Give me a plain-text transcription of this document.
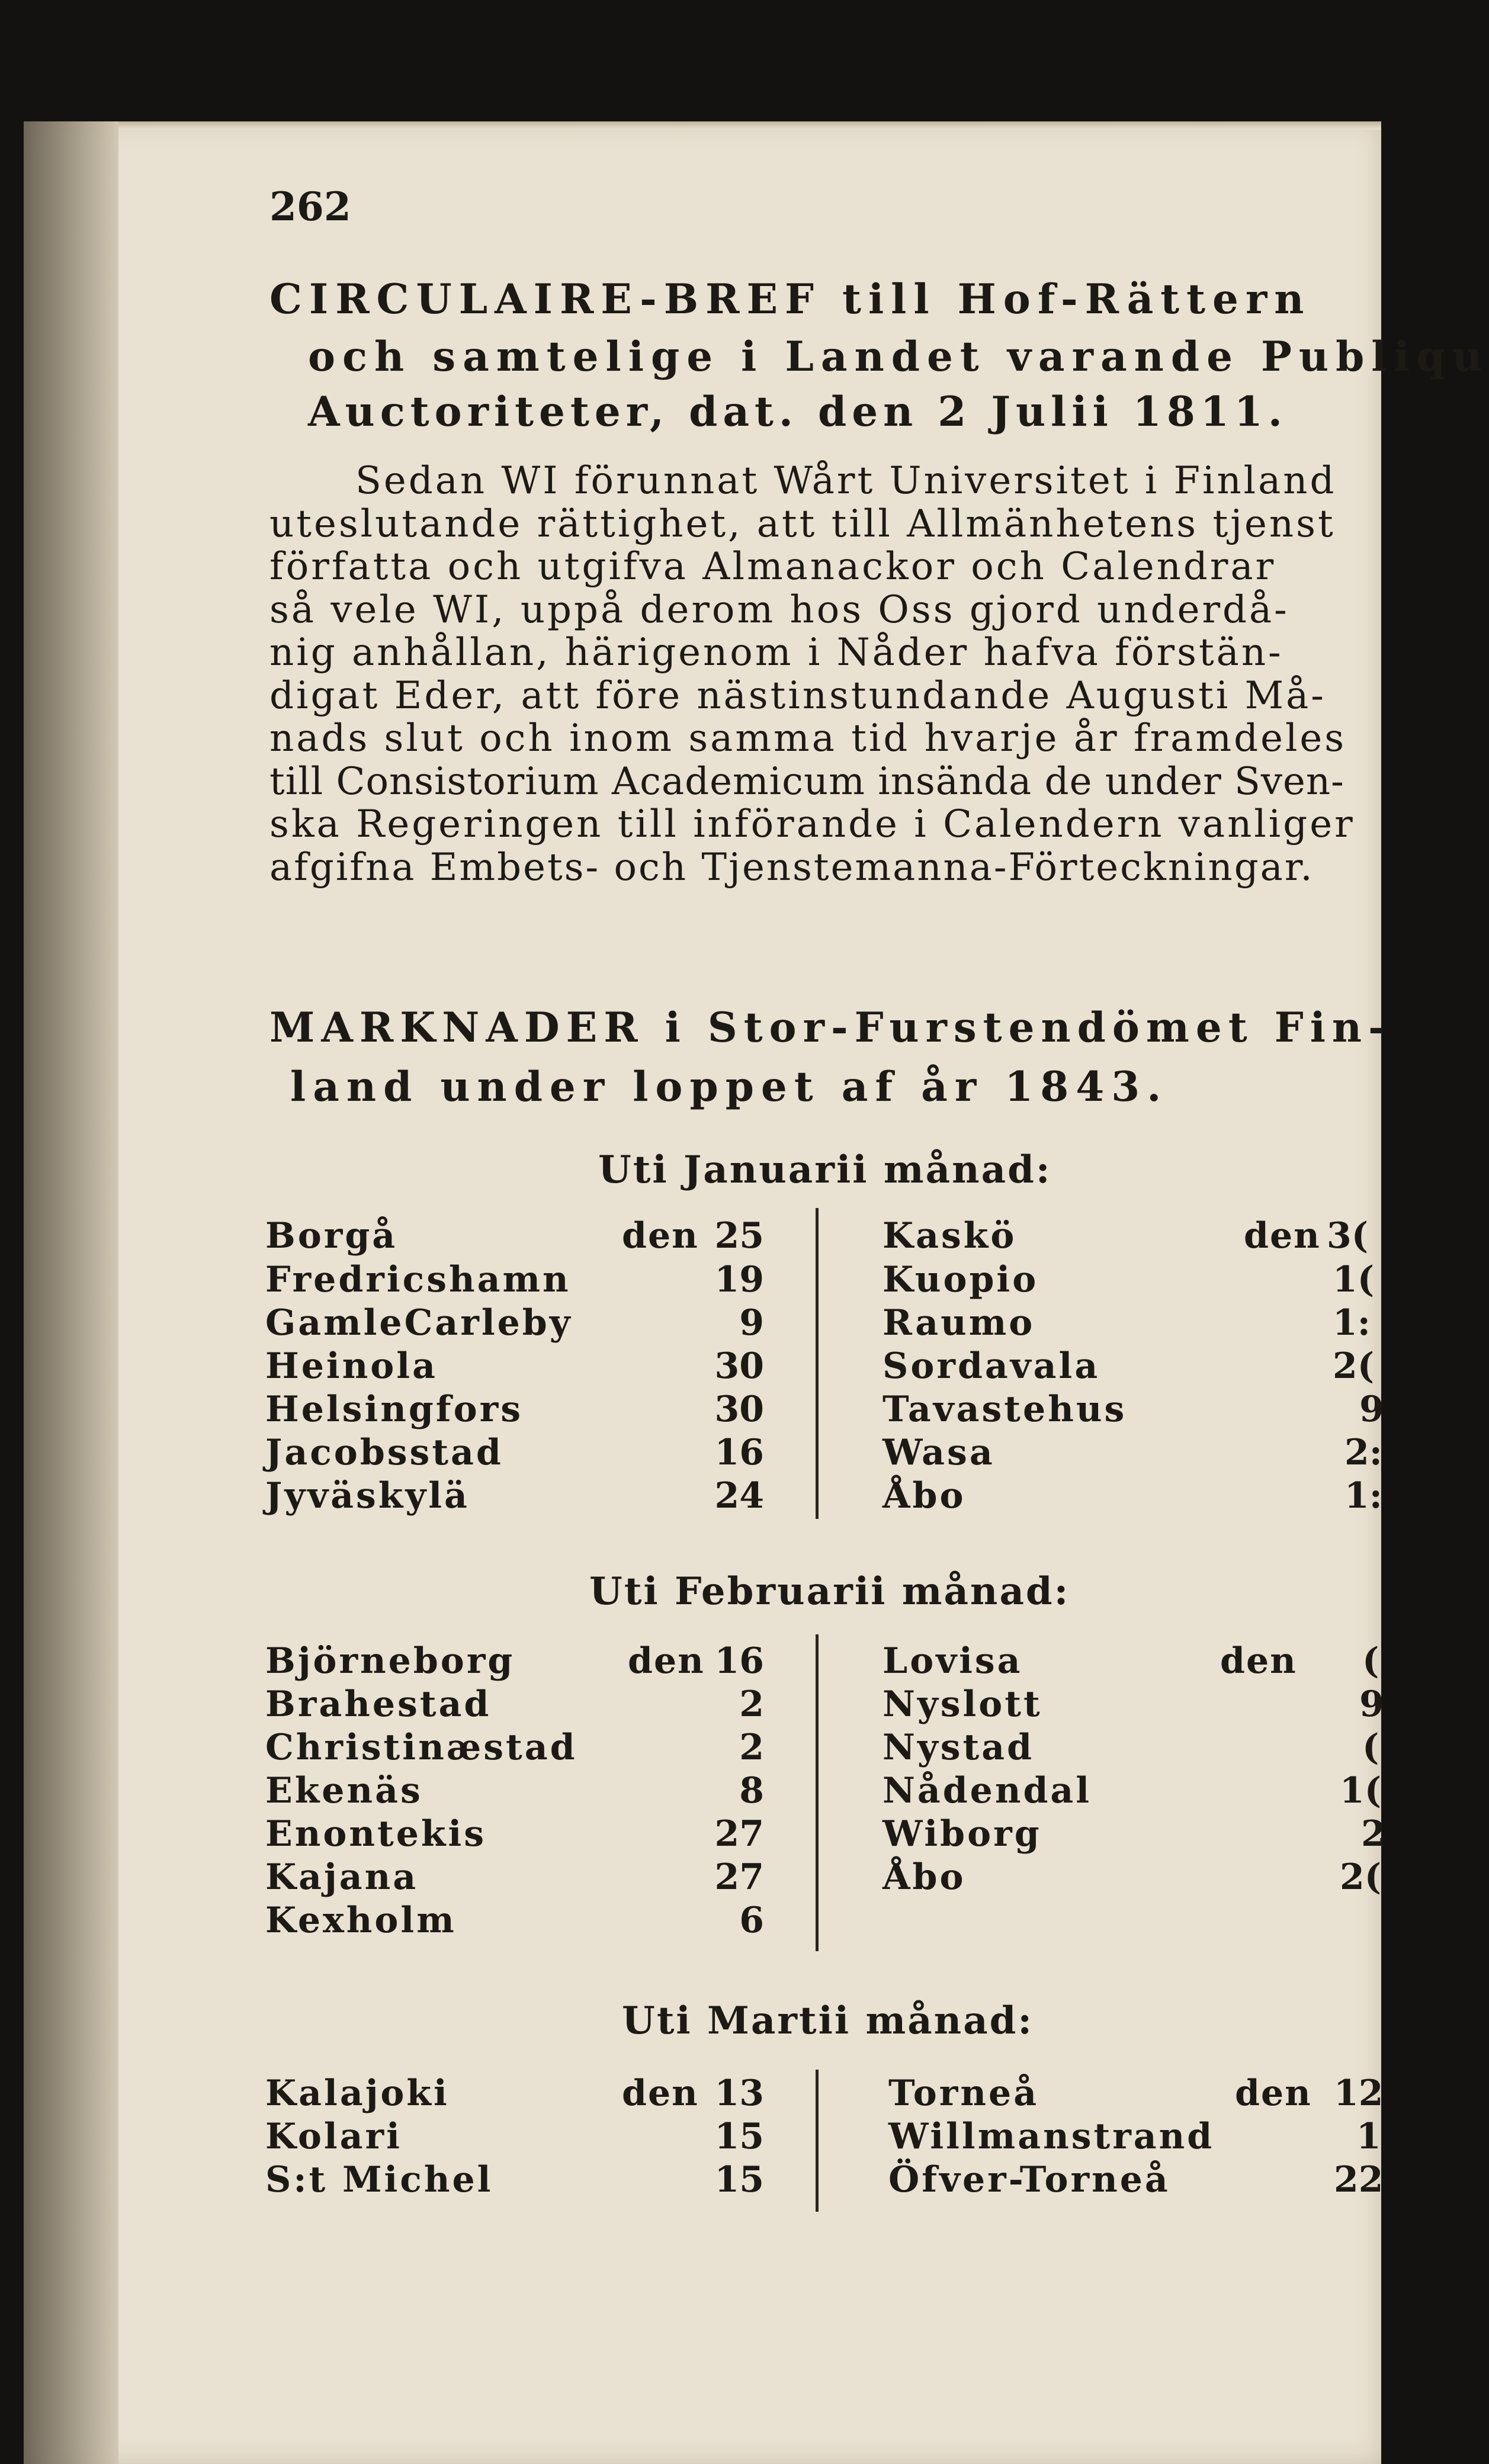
262
CIRCULAIRE-BREF till Hof-Rättern
och samtelige i Landet varande Publiqu
Auctoriteter, dat. den 2 Julii 1811.
Sedan WI förunnat Wårt Universitet i Finland
uteslutande rättighet, att till Allmänhetens tjenst
författa och utgifva Almanackor och Calendrar
så vele WI, uppå derom hos Oss gjord underdå-
nig anhållan, härigenom i Nåder hafva förstän-
digat Eder, att före nästinstundande Augusti Må-
nads slut och inom samma tid hvarje år framdeles
till Consistorium Academicum insända de under Sven-
ska Regeringen till införande i Calendern vanliger
afgifna Embets- och Tjenstemanna-Förteckningar.
MARKNADER i Stor-Furstendömet Fin-
land under loppet af år 1843.
Uti Januarii månad:
Borgå	den 25
Fredricshamn	19
GamleCarleby	9
Heinola	30
Helsingfors	30
Jacobsstad	16
Jyväskylä	24
Kaskö	den 3(
Kuopio	1(
Raumo	1:
Sordavala	2(
Tavastehus	9
Wasa	2:
Åbo	1:
Uti Februarii månad:
Björneborg	den 16
Brahestad	2
Christinæstad	2
Ekenäs	8
Enontekis	27
Kajana	27
Kexholm	6
Lovisa	den (
Nyslott	9
Nystad	(
Nådendal	1(
Wiborg	2
Åbo	2(
Uti Martii månad:
Kalajoki	den 13
Kolari	15
S:t Michel	15
Torneå	den 12
Willmanstrand	1
Öfver-Torneå	22
